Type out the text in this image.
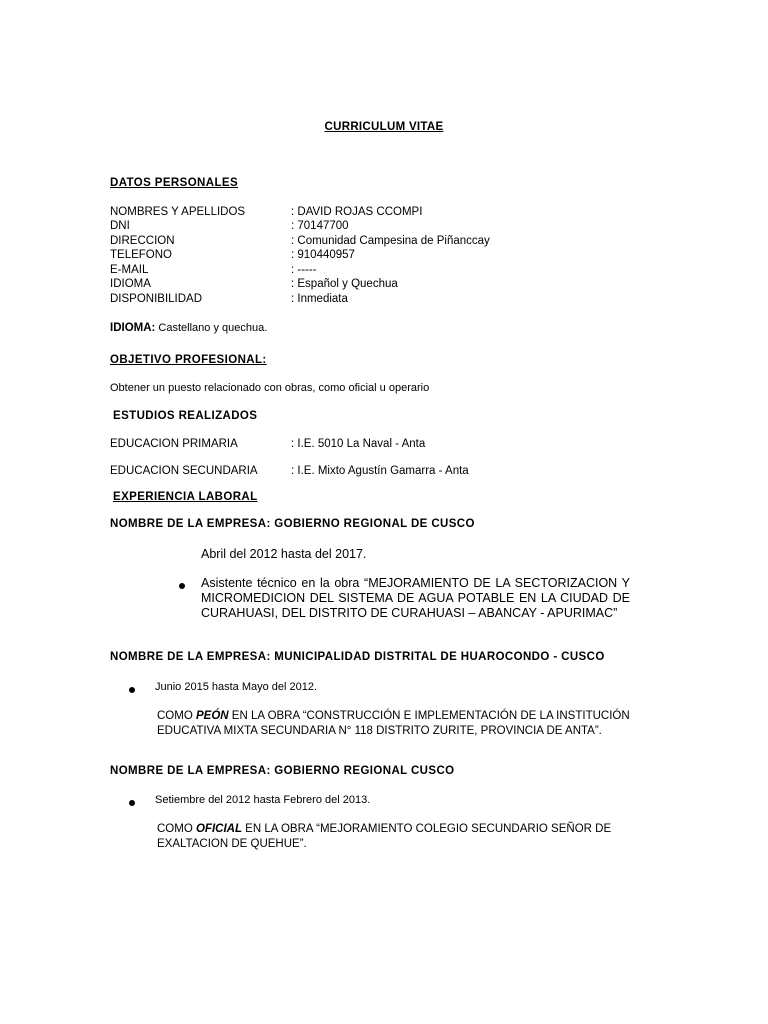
CURRICULUM VITAE
DATOS PERSONALES
NOMBRES Y APELLIDOS	: DAVID ROJAS CCOMPI
DNI	: 70147700
DIRECCION	: Comunidad Campesina de Piñanccay
TELEFONO	: 910440957
E-MAIL	: -----
IDIOMA	: Español y Quechua
DISPONIBILIDAD	: Inmediata
IDIOMA: Castellano y quechua.
OBJETIVO PROFESIONAL:
Obtener un puesto relacionado con obras, como oficial u operario
ESTUDIOS REALIZADOS
EDUCACION PRIMARIA	: I.E. 5010 La Naval - Anta
EDUCACION SECUNDARIA	: I.E. Mixto Agustín Gamarra - Anta
EXPERIENCIA LABORAL
NOMBRE DE LA EMPRESA: GOBIERNO REGIONAL DE CUSCO
Abril del 2012 hasta del 2017.
Asistente técnico en la obra “MEJORAMIENTO DE LA SECTORIZACION Y MICROMEDICION DEL SISTEMA DE AGUA POTABLE EN LA CIUDAD DE CURAHUASI, DEL DISTRITO DE CURAHUASI – ABANCAY - APURIMAC”
NOMBRE DE LA EMPRESA: MUNICIPALIDAD DISTRITAL DE HUAROCONDO - CUSCO
Junio 2015 hasta Mayo del 2012.
COMO PEÓN EN LA OBRA “CONSTRUCCIÓN E IMPLEMENTACIÓN DE LA INSTITUCIÓN EDUCATIVA MIXTA SECUNDARIA N° 118 DISTRITO ZURITE, PROVINCIA DE ANTA”.
NOMBRE DE LA EMPRESA: GOBIERNO REGIONAL CUSCO
Setiembre del 2012 hasta Febrero del 2013.
COMO OFICIAL EN LA OBRA “MEJORAMIENTO COLEGIO SECUNDARIO SEÑOR DE EXALTACION DE QUEHUE”.
